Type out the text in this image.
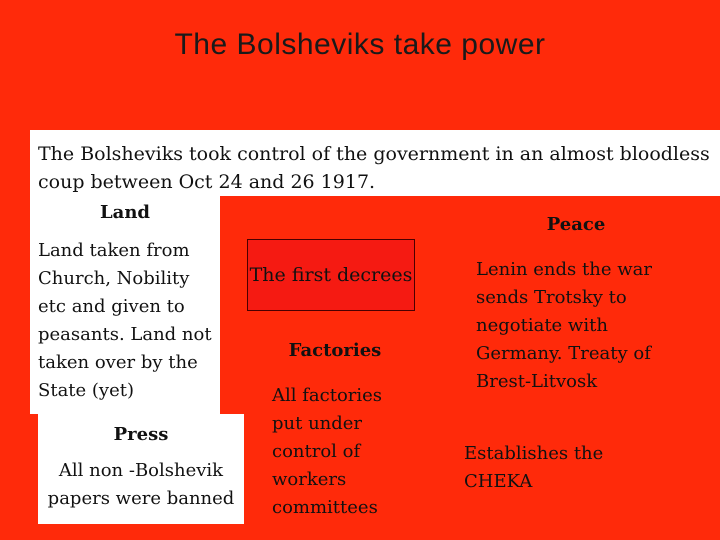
The Bolsheviks take power
The Bolsheviks took control of the government in an almost bloodless coup between Oct 24 and 26 1917.
Land
Land taken from Church, Nobility etc and given to peasants. Land not taken over by the State (yet)
Press
All non -Bolshevik papers were banned
The first decrees
Factories
All factories put under control of workers committees
Peace
Lenin ends the war sends Trotsky to negotiate with Germany. Treaty of Brest-Litvosk
Establishes the CHEKA
